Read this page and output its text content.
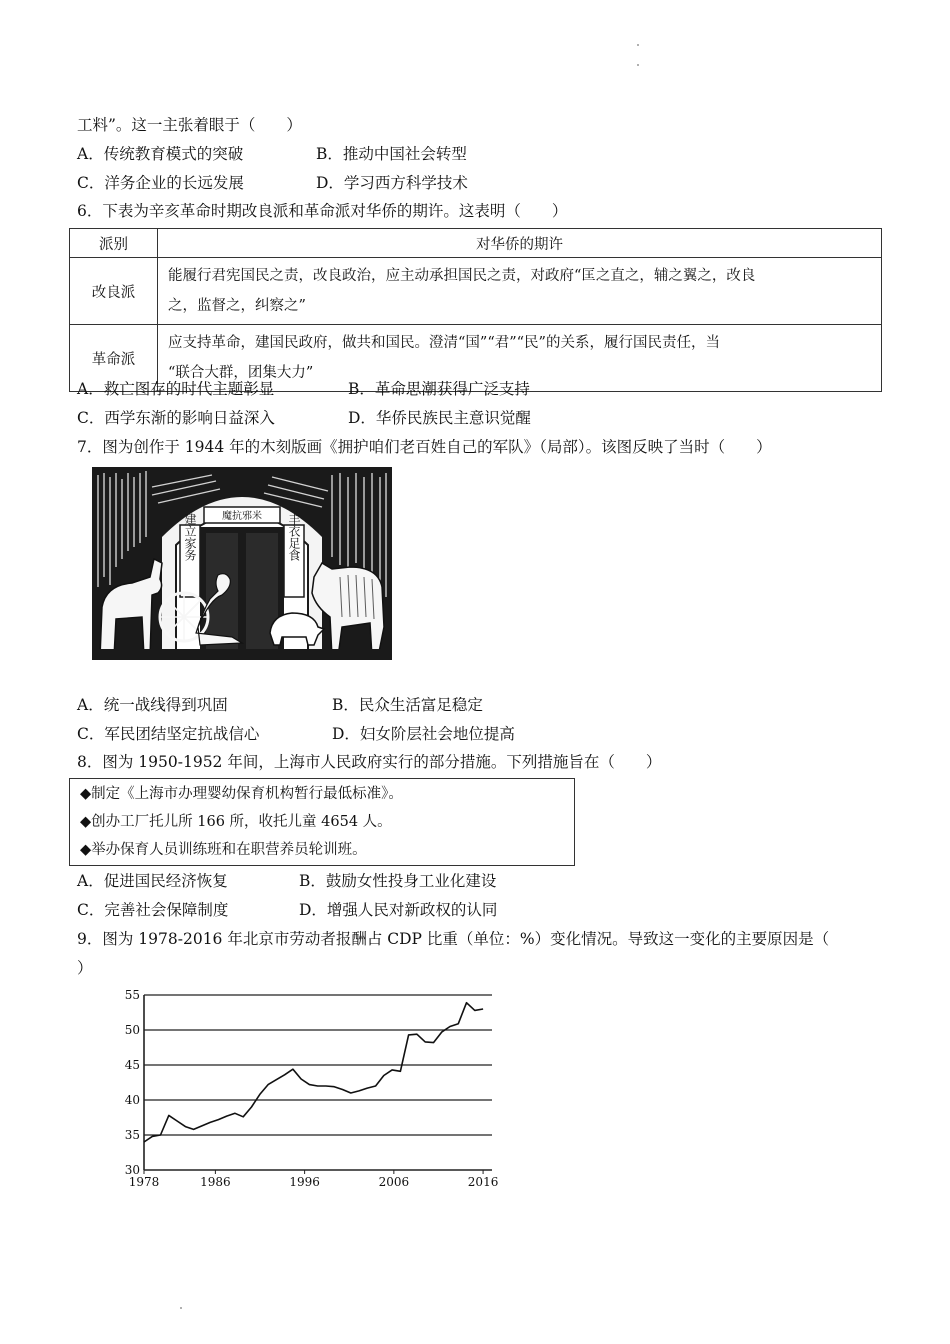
工料”。这一主张着眼于（　　）
A．传统教育模式的突破	B．推动中国社会转型
C．洋务企业的长远发展	D．学习西方科学技术
6．下表为辛亥革命时期改良派和革命派对华侨的期许。这表明（　　）
派别	对华侨的期许
改良派	能履行君宪国民之责，改良政治，应主动承担国民之责，对政府“匡之直之，辅之翼之，改良
之，监督之，纠察之”

革命派	应支持革命，建国民政府，做共和国民。澄清“国”“君”“民”的关系，履行国民责任，当
“联合大群，团集大力”
A．救亡图存的时代主题彰显	B．革命思潮获得广泛支持
C．西学东渐的影响日益深入	D．华侨民族民主意识觉醒
7．图为创作于 1944 年的木刻版画《拥护咱们老百姓自己的军队》（局部）。该图反映了当时（　　）
魔抗邪米
建立家务	丰衣足食
A．统一战线得到巩固	B．民众生活富足稳定
C．军民团结坚定抗战信心	D．妇女阶层社会地位提高
8．图为 1950-1952 年间，上海市人民政府实行的部分措施。下列措施旨在（　　）
◆制定《上海市办理婴幼保育机构暂行最低标准》。
◆创办工厂托儿所 166 所，收托儿童 4654 人。
◆举办保育人员训练班和在职营养员轮训班。
A．促进国民经济恢复	B．鼓励女性投身工业化建设
C．完善社会保障制度	D．增强人民对新政权的认同
9．图为 1978-2016 年北京市劳动者报酬占 CDP 比重（单位：%）变化情况。导致这一变化的主要原因是（
）
30
35
40
45
50
55
1978	1986	1996	2006	2016
